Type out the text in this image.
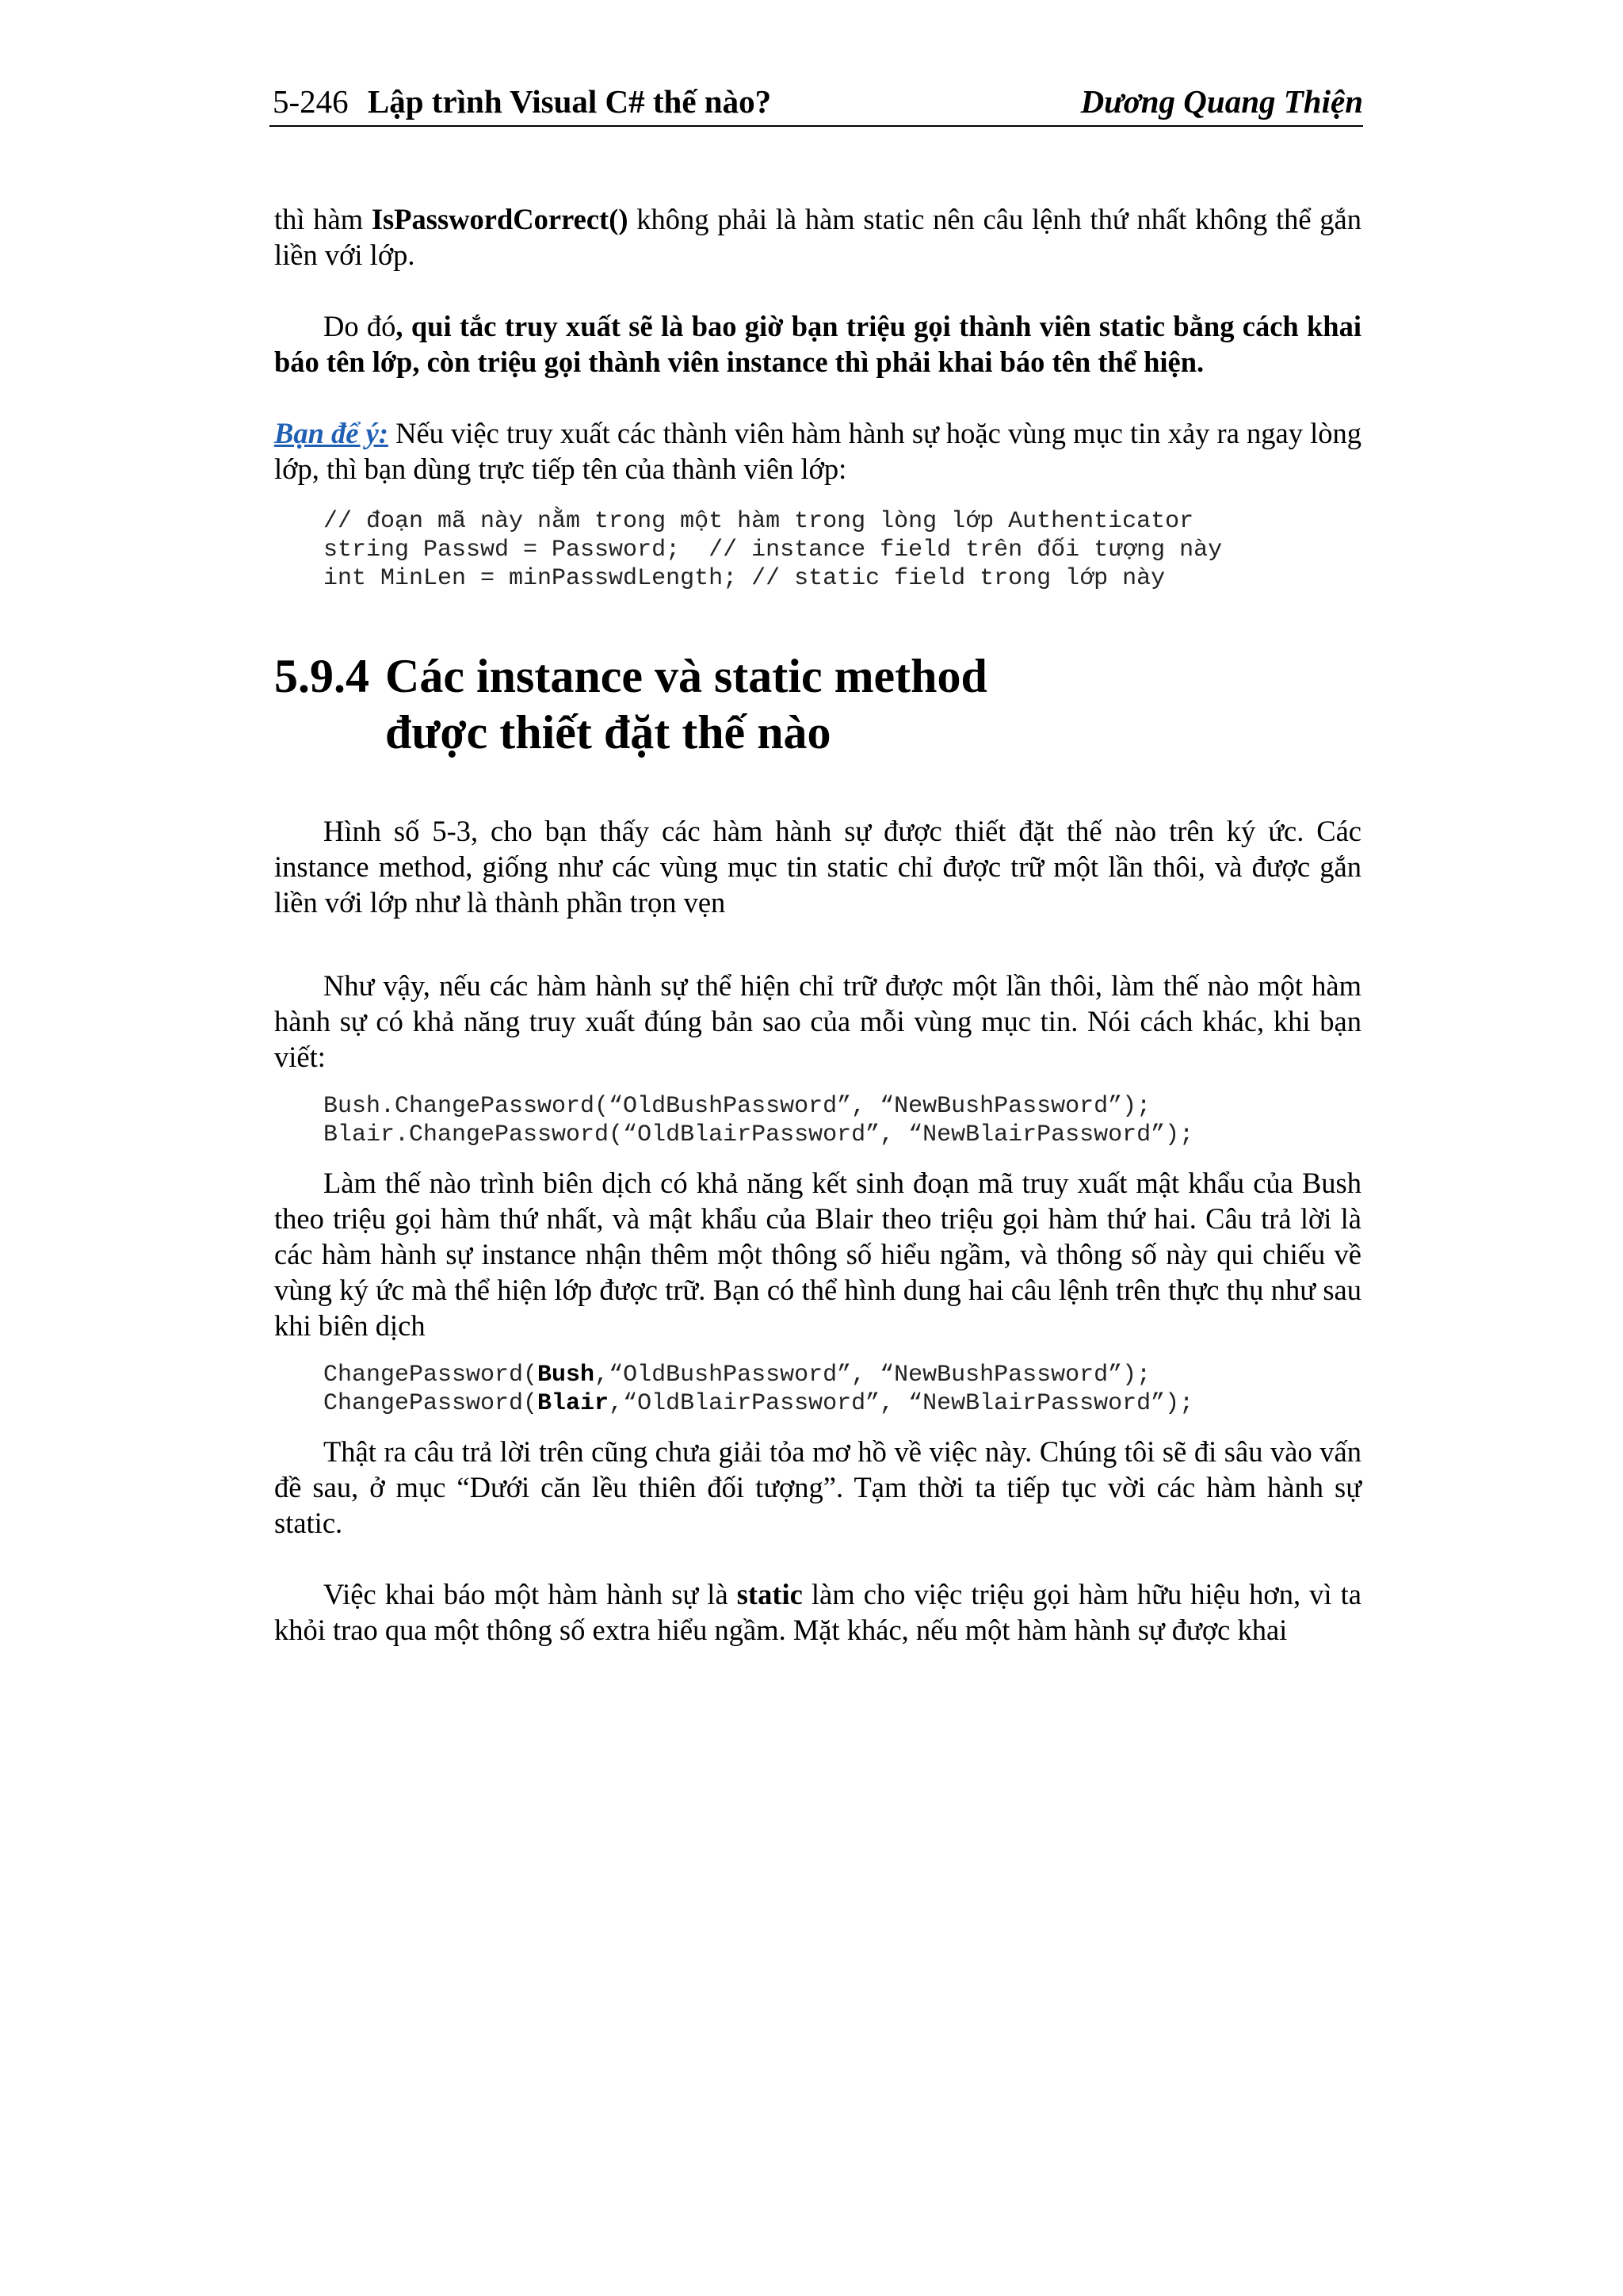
5-246 Lập trình Visual C# thế nào?	Dương Quang Thiện

thì hàm IsPasswordCorrect() không phải là hàm static nên câu lệnh thứ nhất không thể gắn liền với lớp.

Do đó, qui tắc truy xuất sẽ là bao giờ bạn triệu gọi thành viên static bằng cách khai báo tên lớp, còn triệu gọi thành viên instance thì phải khai báo tên thể hiện.

Bạn để ý: Nếu việc truy xuất các thành viên hàm hành sự hoặc vùng mục tin xảy ra ngay lòng lớp, thì bạn dùng trực tiếp tên của thành viên lớp:

// đoạn mã này nằm trong một hàm trong lòng lớp Authenticator
string Passwd = Password;  // instance field trên đối tượng này
int MinLen = minPasswdLength; // static field trong lớp này
5.9.4 Các instance và static method
được thiết đặt thế nào

Hình số 5-3, cho bạn thấy các hàm hành sự được thiết đặt thế nào trên ký ức. Các instance method, giống như các vùng mục tin static chỉ được trữ một lần thôi, và được gắn liền với lớp như là thành phần trọn vẹn

Như vậy, nếu các hàm hành sự thể hiện chỉ trữ được một lần thôi, làm thế nào một hàm hành sự có khả năng truy xuất đúng bản sao của mỗi vùng mục tin. Nói cách khác, khi bạn viết:

Bush.ChangePassword(“OldBushPassword”, “NewBushPassword”);
Blair.ChangePassword(“OldBlairPassword”, “NewBlairPassword”);

Làm thế nào trình biên dịch có khả năng kết sinh đoạn mã truy xuất mật khẩu của Bush theo triệu gọi hàm thứ nhất, và mật khẩu của Blair theo triệu gọi hàm thứ hai. Câu trả lời là các hàm hành sự instance nhận thêm một thông số hiểu ngầm, và thông số này qui chiếu về vùng ký ức mà thể hiện lớp được trữ. Bạn có thể hình dung hai câu lệnh trên thực thụ như sau khi biên dịch

ChangePassword(Bush,“OldBushPassword”, “NewBushPassword”);
ChangePassword(Blair,“OldBlairPassword”, “NewBlairPassword”);

Thật ra câu trả lời trên cũng chưa giải tỏa mơ hồ về việc này. Chúng tôi sẽ đi sâu vào vấn đề sau, ở mục “Dưới căn lều thiên đối tượng”. Tạm thời ta tiếp tục vời các hàm hành sự static.

Việc khai báo một hàm hành sự là static làm cho việc triệu gọi hàm hữu hiệu hơn, vì ta khỏi trao qua một thông số extra hiểu ngầm. Mặt khác, nếu một hàm hành sự được khai
